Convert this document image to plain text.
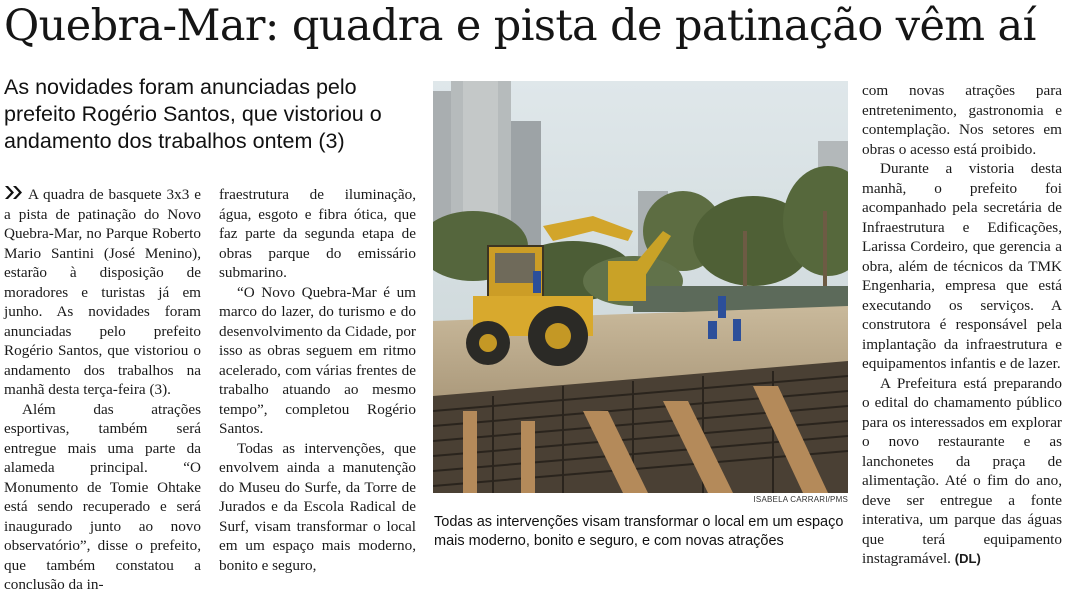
Quebra-Mar: quadra e pista de patinação vêm aí
As novidades foram anunciadas pelo prefeito Rogério Santos, que vistoriou o andamento dos trabalhos ontem (3)

A quadra de basquete 3x3 e a pista de patinação do Novo Quebra-Mar, no Parque Roberto Mario Santini (José Menino), estarão à disposição de moradores e turistas já em junho. As novidades foram anunciadas pelo prefeito Rogério Santos, que vistoriou o andamento dos trabalhos na manhã desta terça-feira (3).

Além das atrações esportivas, também será entregue mais uma parte da alameda principal. “O Monumento de Tomie Ohtake está sendo recuperado e será inaugurado junto ao novo observatório”, disse o prefeito, que também constatou a conclusão da in-

fraestrutura de iluminação, água, esgoto e fibra ótica, que faz parte da segunda etapa de obras parque do emissário submarino.

“O Novo Quebra-Mar é um marco do lazer, do turismo e do desenvolvimento da Cidade, por isso as obras seguem em ritmo acelerado, com várias frentes de trabalho atuando ao mesmo tempo”, completou Rogério Santos.

Todas as intervenções, que envolvem ainda a manutenção do Museu do Surfe, da Torre de Jurados e da Escola Radical de Surf, visam transformar o local em um espaço mais moderno, bonito e seguro,

ISABELA CARRARI/PMS
Todas as intervenções visam transformar o local em um espaço mais moderno, bonito e seguro, e com novas atrações

com novas atrações para entretenimento, gastronomia e contemplação. Nos setores em obras o acesso está proibido.

Durante a vistoria desta manhã, o prefeito foi acompanhado pela secretária de Infraestrutura e Edificações, Larissa Cordeiro, que gerencia a obra, além de técnicos da TMK Engenharia, empresa que está executando os serviços. A construtora é responsável pela implantação da infraestrutura e equipamentos infantis e de lazer.

A Prefeitura está preparando o edital do chamamento público para os interessados em explorar o novo restaurante e as lanchonetes da praça de alimentação. Até o fim do ano, deve ser entregue a fonte interativa, um parque das águas que terá equipamento instagramável. (DL)
